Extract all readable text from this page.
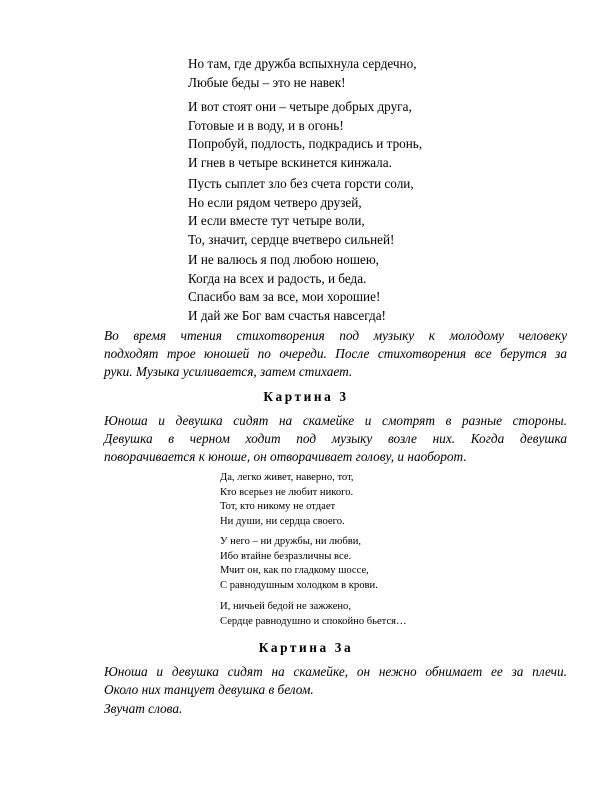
Но там, где дружба вспыхнула сердечно,
Любые беды – это не навек!
И вот стоят они – четыре добрых друга,
Готовые и в воду, и в огонь!
Попробуй, подлость, подкрадись и тронь,
И гнев в четыре вскинется кинжала.
Пусть сыплет зло без счета горсти соли,
Но если рядом четверо друзей,
И если вместе тут четыре воли,
То, значит, сердце вчетверо сильней!
И не валюсь я под любою ношею,
Когда на всех и радость, и беда.
Спасибо вам за все, мои хорошие!
И дай же Бог вам счастья навсегда!
Во время чтения стихотворения под музыку к молодому человеку
подходят трое юношей по очереди. После стихотворения все берутся за
руки. Музыка усиливается, затем стихает.
Картина 3
Юноша и девушка сидят на скамейке и смотрят в разные стороны.
Девушка в черном ходит под музыку возле них. Когда девушка
поворачивается к юноше, он отворачивает голову, и наоборот.
Да, легко живет, наверно, тот,
Кто всерьез не любит никого.
Тот, кто никому не отдает
Ни души, ни сердца своего.
У него – ни дружбы, ни любви,
Ибо втайне безразличны все.
Мчит он, как по гладкому шоссе,
С равнодушным холодком в крови.
И, ничьей бедой не зажжено,
Сердце равнодушно и спокойно бьется…
Картина 3а
Юноша и девушка сидят на скамейке, он нежно обнимает ее за плечи.
Около них танцует девушка в белом.
Звучат слова.
